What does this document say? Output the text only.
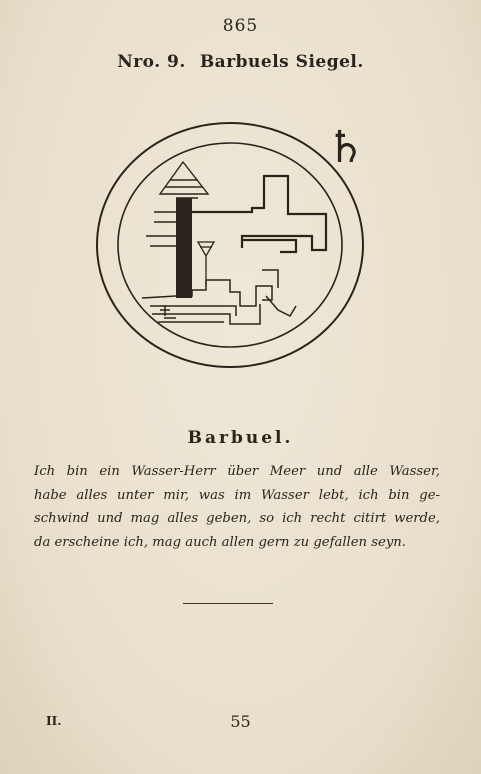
865
Nro. 9. Barbuels Siegel.
♄
Barbuel.
Ich bin ein Wasser-Herr über Meer und alle Wasser,
habe alles unter mir, was im Wasser lebt, ich bin ge-
schwind und mag alles geben, so ich recht citirt werde,
da erscheine ich, mag auch allen gern zu gefallen seyn.
II.	55
